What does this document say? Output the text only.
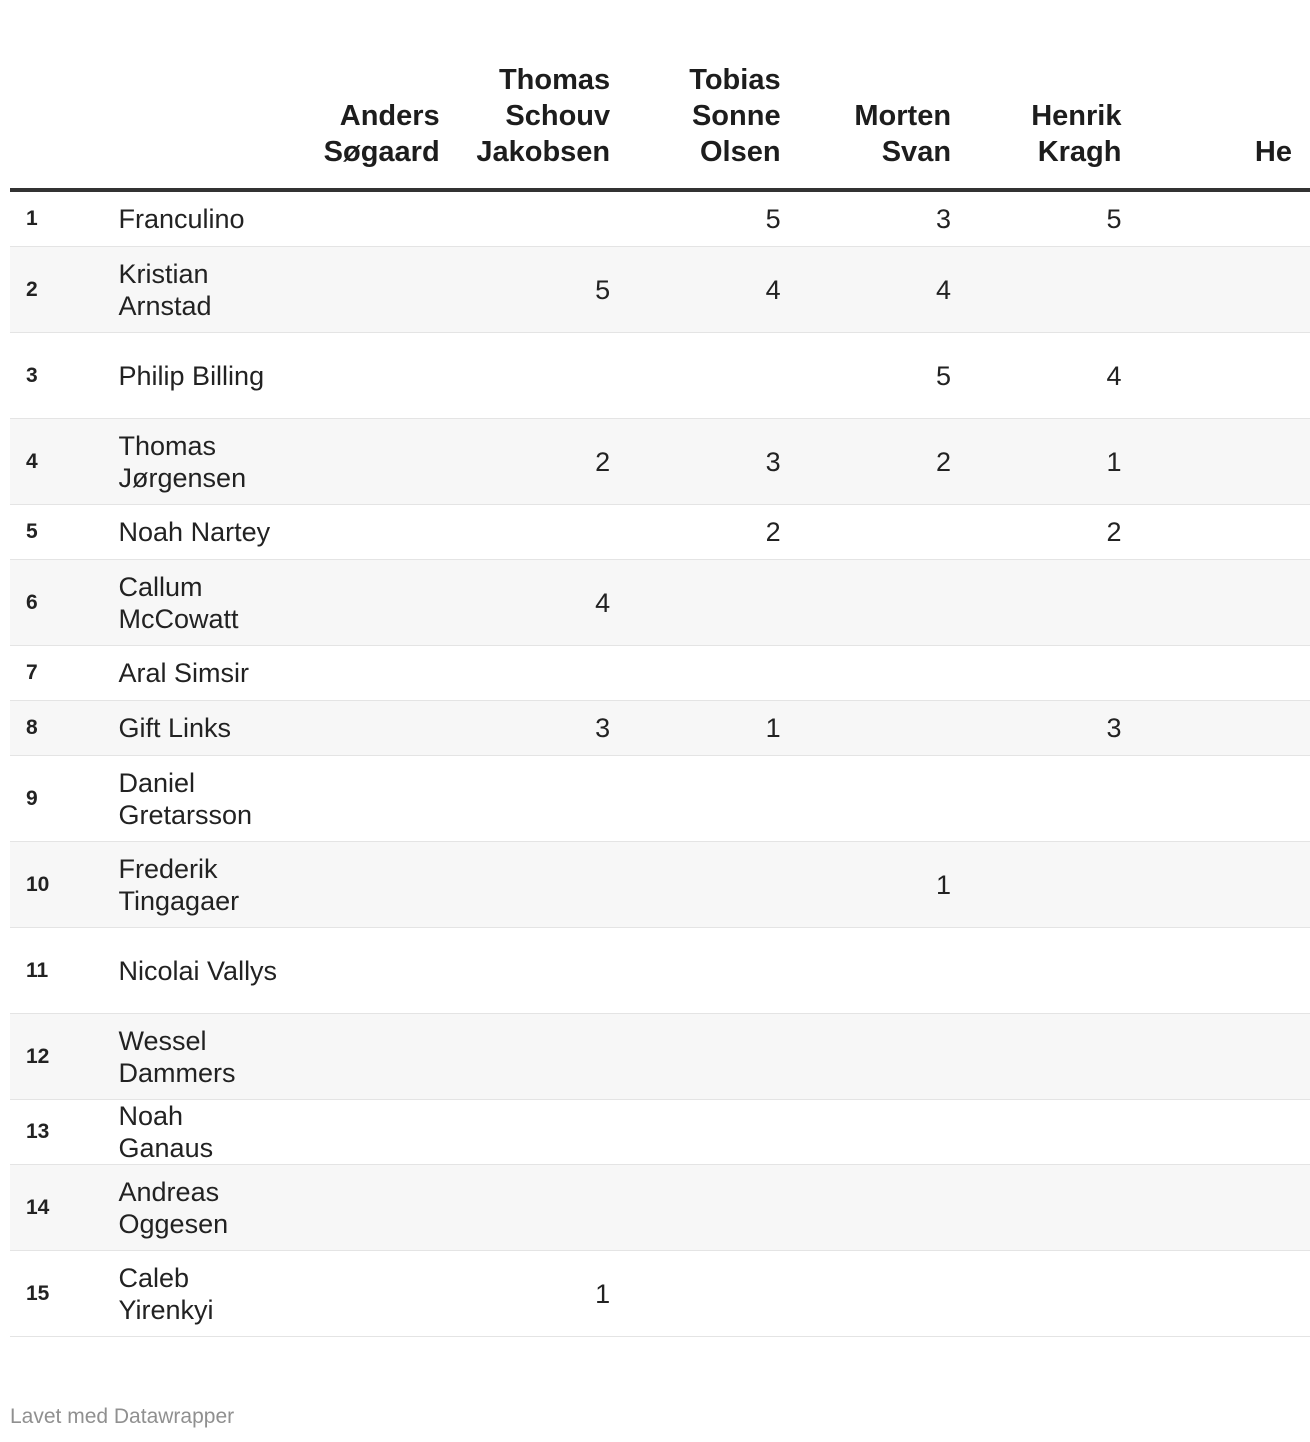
		Anders Søgaard	Thomas Schouv Jakobsen	Tobias Sonne Olsen	Morten Svan	Henrik Kragh	He
1	Franculino			5	3	5	
2	Kristian Arnstad		5	4	4		
3	Philip Billing				5	4	
4	Thomas Jørgensen		2	3	2	1	
5	Noah Nartey			2		2	
6	Callum McCowatt		4				
7	Aral Simsir						
8	Gift Links		3	1		3	
9	Daniel Gretarsson						
10	Frederik Tingagaer				1		
11	Nicolai Vallys						
12	Wessel Dammers						
13	Noah Ganaus						
14	Andreas Oggesen						
15	Caleb Yirenkyi		1				
Lavet med Datawrapper
